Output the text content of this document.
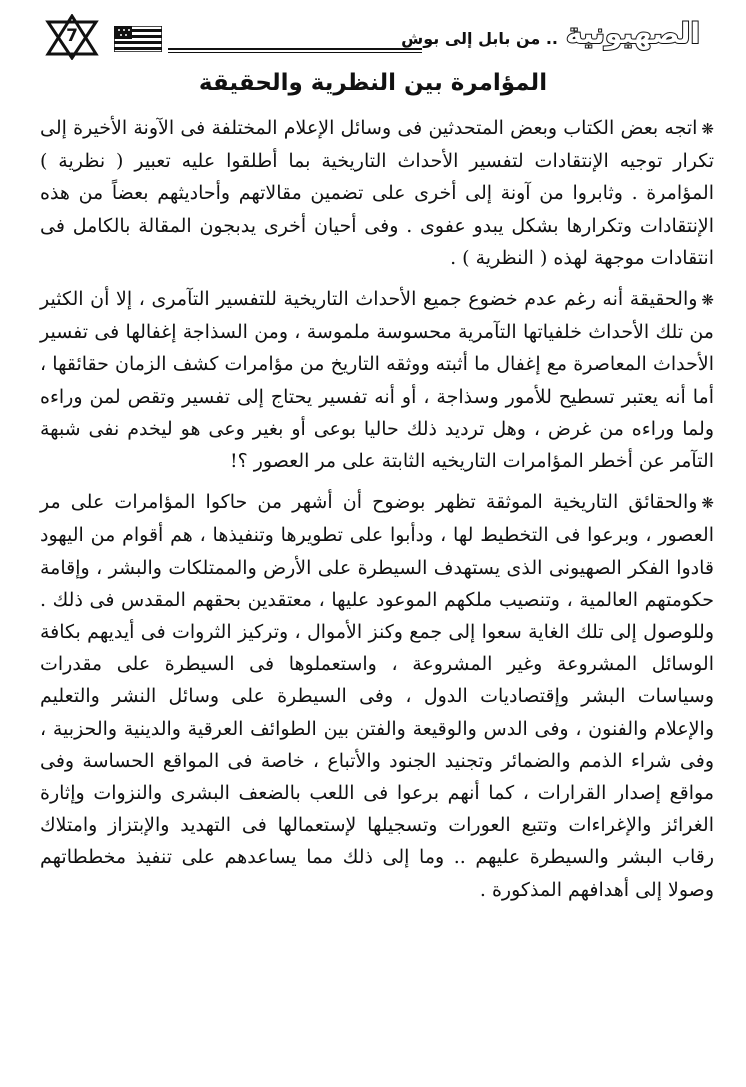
الصهيونية
.. من بابل إلى بوش
7
المؤامرة بين النظرية والحقيقة

❋اتجه بعض الكتاب وبعض المتحدثين فى وسائل الإعلام المختلفة فى الآونة الأخيرة إلى تكرار توجيه الإنتقادات لتفسير الأحداث التاريخية بما أطلقوا عليه تعبير ( نظرية ) المؤامرة . وثابروا من آونة إلى أخرى على تضمين مقالاتهم وأحاديثهم بعضاً من هذه الإنتقادات وتكرارها بشكل يبدو عفوى . وفى أحيان أخرى يدبجون المقالة بالكامل فى انتقادات موجهة لهذه ( النظرية ) .

❋والحقيقة أنه رغم عدم خضوع جميع الأحداث التاريخية للتفسير التآمرى ، إلا أن الكثير من تلك الأحداث خلفياتها التآمرية محسوسة ملموسة ، ومن السذاجة إغفالها فى تفسير الأحداث المعاصرة مع إغفال ما أثبته ووثقه التاريخ من مؤامرات كشف الزمان حقائقها ، أما أنه يعتبر تسطيح للأمور وسذاجة ، أو أنه تفسير يحتاج إلى تفسير وتقص لمن وراءه ولما وراءه من غرض ، وهل ترديد ذلك حاليا بوعى أو بغير وعى هو ليخدم نفى شبهة التآمر عن أخطر المؤامرات التاريخيه الثابتة على مر العصور ؟!

❋والحقائق التاريخية الموثقة تظهر بوضوح أن أشهر من حاكوا المؤامرات على مر العصور ، وبرعوا فى التخطيط لها ، ودأبوا على تطويرها وتنفيذها ، هم أقوام من اليهود قادوا الفكر الصهيونى الذى يستهدف السيطرة على الأرض والممتلكات والبشر ، وإقامة حكومتهم العالمية ، وتنصيب ملكهم الموعود عليها ، معتقدين بحقهم المقدس فى ذلك . وللوصول إلى تلك الغاية سعوا إلى جمع وكنز الأموال ، وتركيز الثروات فى أيديهم بكافة الوسائل المشروعة وغير المشروعة ، واستعملوها فى السيطرة على مقدرات وسياسات البشر وإقتصاديات الدول ، وفى السيطرة على وسائل النشر والتعليم والإعلام والفنون ، وفى الدس والوقيعة والفتن بين الطوائف العرقية والدينية والحزبية ، وفى شراء الذمم والضمائر وتجنيد الجنود والأتباع ، خاصة فى المواقع الحساسة وفى مواقع إصدار القرارات ، كما أنهم برعوا فى اللعب بالضعف البشرى والنزوات وإثارة الغرائز والإغراءات وتتبع العورات وتسجيلها لإستعمالها فى التهديد والإبتزاز وامتلاك رقاب البشر والسيطرة عليهم .. وما إلى ذلك مما يساعدهم على تنفيذ مخططاتهم وصولا إلى أهدافهم المذكورة .
